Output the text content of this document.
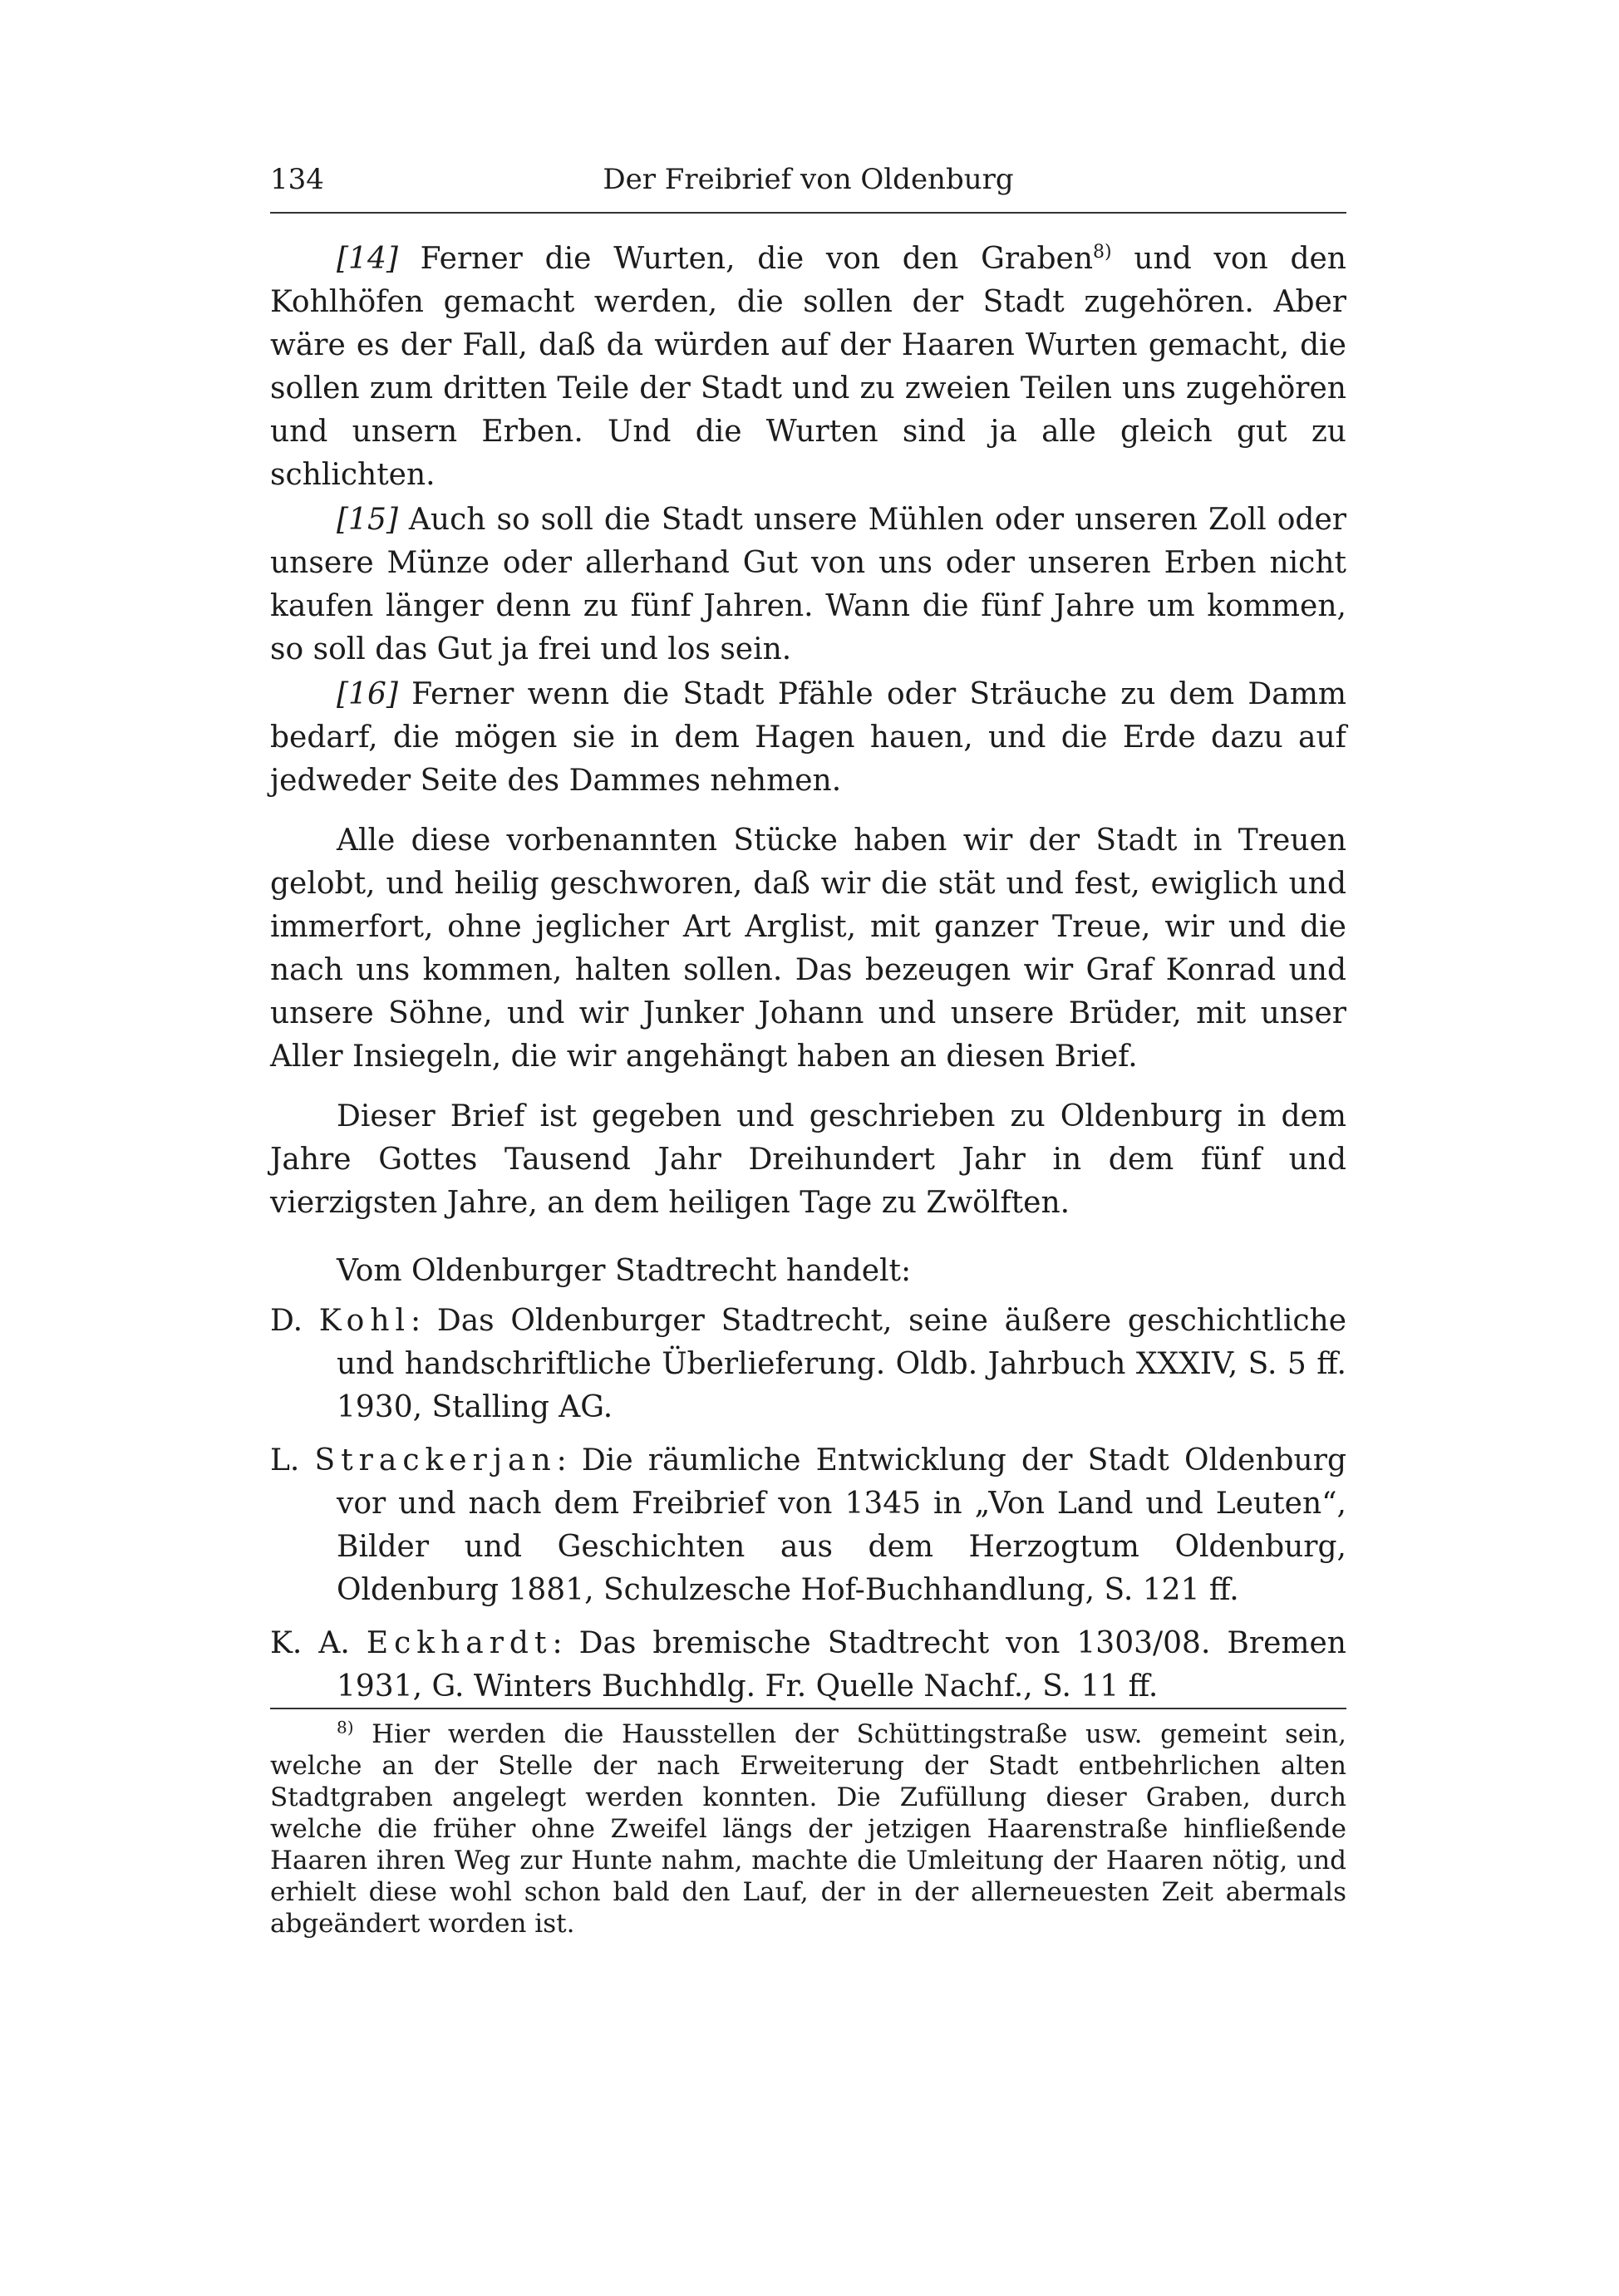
134	Der Freibrief von Oldenburg

[14] Ferner die Wurten, die von den Graben$^{8)}$ und von den Kohlhöfen gemacht werden, die sollen der Stadt zugehören. Aber wäre es der Fall, daß da würden auf der Haaren Wurten gemacht, die sollen zum dritten Teile der Stadt und zu zweien Teilen uns zugehören und unsern Erben. Und die Wurten sind ja alle gleich gut zu schlichten.

[15] Auch so soll die Stadt unsere Mühlen oder unseren Zoll oder unsere Münze oder allerhand Gut von uns oder unseren Erben nicht kaufen länger denn zu fünf Jahren. Wann die fünf Jahre um kommen, so soll das Gut ja frei und los sein.

[16] Ferner wenn die Stadt Pfähle oder Sträuche zu dem Damm bedarf, die mögen sie in dem Hagen hauen, und die Erde dazu auf jedweder Seite des Dammes nehmen.

Alle diese vorbenannten Stücke haben wir der Stadt in Treuen gelobt, und heilig geschworen, daß wir die stät und fest, ewiglich und immerfort, ohne jeglicher Art Arglist, mit ganzer Treue, wir und die nach uns kommen, halten sollen. Das bezeugen wir Graf Konrad und unsere Söhne, und wir Junker Johann und unsere Brüder, mit unser Aller Insiegeln, die wir angehängt haben an diesen Brief.

Dieser Brief ist gegeben und geschrieben zu Oldenburg in dem Jahre Gottes Tausend Jahr Dreihundert Jahr in dem fünf und vierzigsten Jahre, an dem heiligen Tage zu Zwölften.

Vom Oldenburger Stadtrecht handelt:

D. Kohl: Das Oldenburger Stadtrecht, seine äußere geschichtliche und handschriftliche Überlieferung. Oldb. Jahrbuch XXXIV, S. 5 ff. 1930, Stalling AG.
L. Strackerjan: Die räumliche Entwicklung der Stadt Oldenburg vor und nach dem Freibrief von 1345 in „Von Land und Leuten“, Bilder und Geschichten aus dem Herzogtum Oldenburg, Oldenburg 1881, Schulzesche Hof-Buchhandlung, S. 121 ff.
K. A. Eckhardt: Das bremische Stadtrecht von 1303/08. Bremen 1931, G. Winters Buchhdlg. Fr. Quelle Nachf., S. 11 ff.

$^{8)}$ Hier werden die Hausstellen der Schüttingstraße usw. gemeint sein, welche an der Stelle der nach Erweiterung der Stadt entbehrlichen alten Stadtgraben angelegt werden konnten. Die Zufüllung dieser Graben, durch welche die früher ohne Zweifel längs der jetzigen Haarenstraße hinfließende Haaren ihren Weg zur Hunte nahm, machte die Umleitung der Haaren nötig, und erhielt diese wohl schon bald den Lauf, der in der allerneuesten Zeit abermals abgeändert worden ist.
